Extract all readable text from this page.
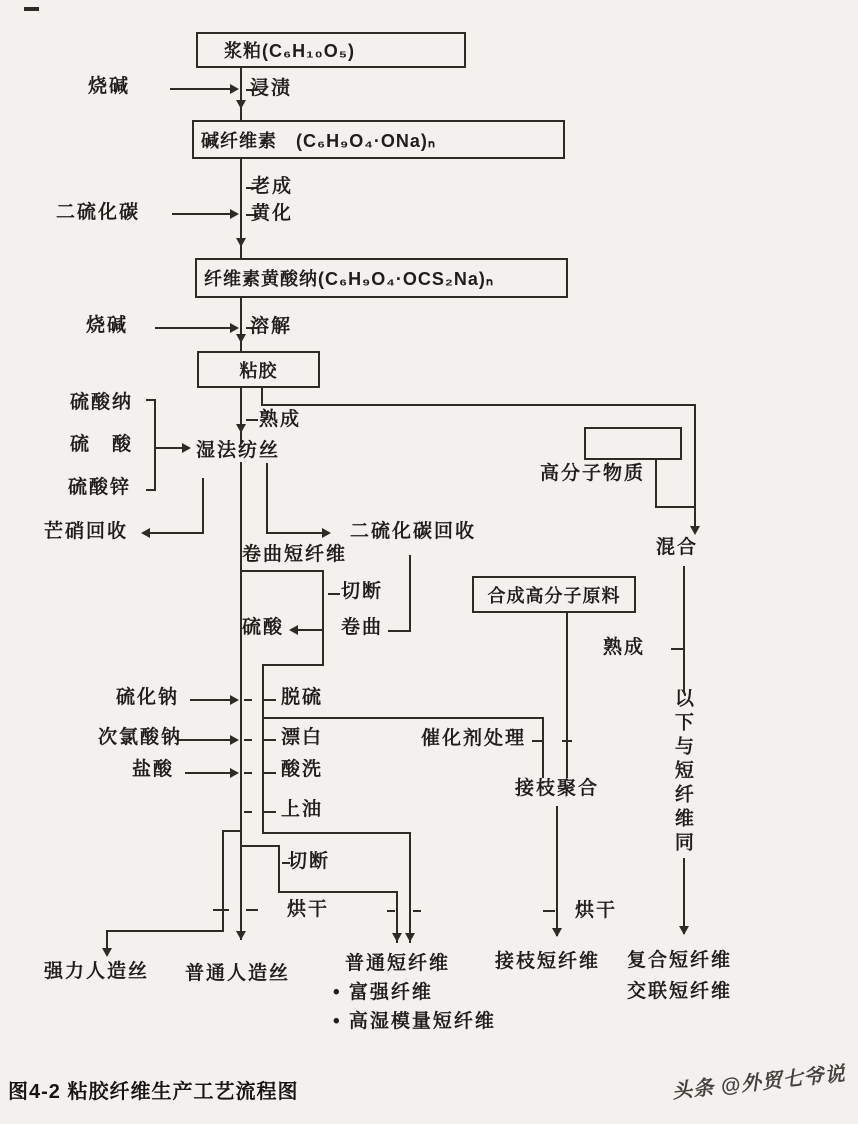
浆粕(C₆H₁₀O₅)
碱纤维素　(C₆H₉O₄·ONa)ₙ
纤维素黄酸纳(C₆H₉O₄·OCS₂Na)ₙ
粘胶
合成高分子原料
烧碱	浸渍
老成
二硫化碳	黄化
烧碱	溶解
硫酸纳
硫　酸
硫酸锌
熟成
湿法纺丝
芒硝回收	二硫化碳回收
卷曲短纤维
切断
硫酸	卷曲
高分子物质
混合
熟成
硫化钠	脱硫
次氯酸钠	漂白	催化剂处理
盐酸	酸洗
接枝聚合
上油
切断
烘干	烘干
以下与短纤维同
强力人造丝 普通人造丝	普通短纤维
• 富强纤维
• 高湿模量短纤维
接枝短纤维 复合短纤维
交联短纤维
图4-2 粘胶纤维生产工艺流程图	头条 @外贸七爷说
